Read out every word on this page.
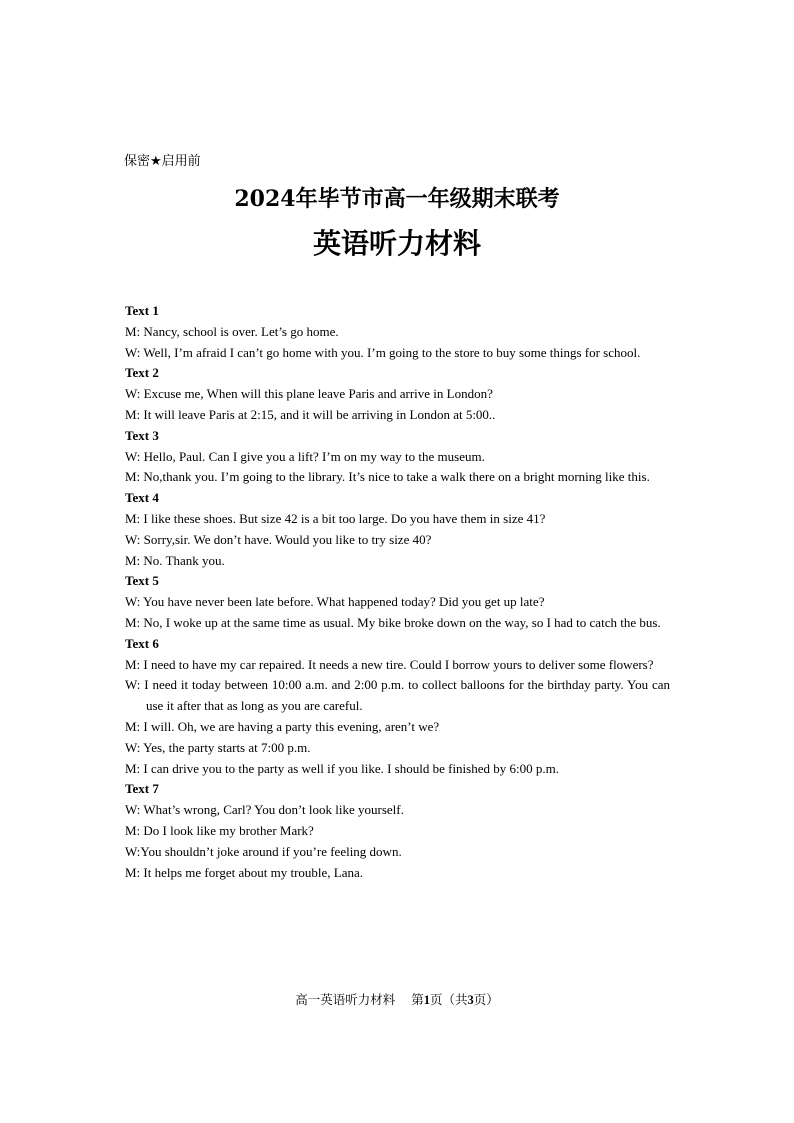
保密★启用前
2024年毕节市高一年级期末联考
英语听力材料
Text 1
M: Nancy, school is over. Let’s go home.
W: Well, I’m afraid I can’t go home with you. I’m going to the store to buy some things for school.
Text 2
W: Excuse me, When will this plane leave Paris and arrive in London?
M: It will leave Paris at 2:15, and it will be arriving in London at 5:00..
Text 3
W: Hello, Paul. Can I give you a lift? I’m on my way to the museum.
M: No,thank you. I’m going to the library. It’s nice to take a walk there on a bright morning like this.
Text 4
M: I like these shoes. But size 42 is a bit too large. Do you have them in size 41?
W: Sorry,sir. We don’t have. Would you like to try size 40?
M: No. Thank you.
Text 5
W: You have never been late before. What happened today? Did you get up late?
M: No, I woke up at the same time as usual. My bike broke down on the way, so I had to catch the bus.
Text 6
M: I need to have my car repaired. It needs a new tire. Could I borrow yours to deliver some flowers?
W: I need it today between 10:00 a.m. and 2:00 p.m. to collect balloons for the birthday party. You can use it after that as long as you are careful.
M: I will. Oh, we are having a party this evening, aren’t we?
W: Yes, the party starts at 7:00 p.m.
M: I can drive you to the party as well if you like. I should be finished by 6:00 p.m.
Text 7
W: What’s wrong, Carl? You don’t look like yourself.
M: Do I look like my brother Mark?
W:You shouldn’t joke around if you’re feeling down.
M: It helps me forget about my trouble, Lana.
高一英语听力材料 第1页（共3页）
